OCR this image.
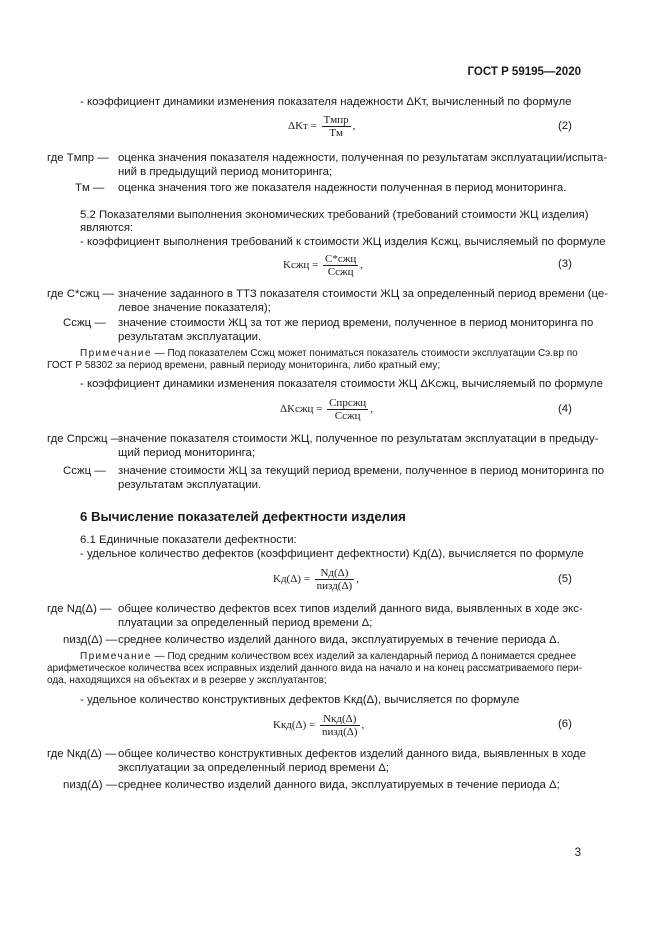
ГОСТ Р 59195—2020
- коэффициент динамики изменения показателя надежности ΔKт, вычисленный по формуле
$\Delta Kт = \frac{\text{Tмпр}}{Tм}$ ,	(2)
где Tмпр — оценка значения показателя надежности, полученная по результатам эксплуатации/испыта-
ний в предыдущий период мониторинга;
Tм — оценка значения того же показателя надежности полученная в период мониторинга.
5.2 Показателями выполнения экономических требований (требований стоимости ЖЦ изделия)
являются:
- коэффициент выполнения требований к стоимости ЖЦ изделия Kсжц, вычисляемый по формуле
Kсжц = $\frac{\text{C*сжц}}{\text{Cсжц}}$ ,	(3)
где C*сжц — значение заданного в ТТЗ показателя стоимости ЖЦ за определенный период времени (це-
левое значение показателя);
Cсжц — значение стоимости ЖЦ за тот же период времени, полученное в период мониторинга по
результатам эксплуатации.
Примечание — Под показателем Cсжц может пониматься показатель стоимости эксплуатации Cэ.вр по
ГОСТ Р 58302 за период времени, равный периоду мониторинга, либо кратный ему;
- коэффициент динамики изменения показателя стоимости ЖЦ ΔKсжц, вычисляемый по формуле
ΔKсжц = $\frac{\text{Cпрсжц}}{\text{Cсжц}}$ ,	(4)
где Cпрсжц —
значение показателя стоимости ЖЦ, полученное по результатам эксплуатации в предыду-
щий период мониторинга;
Cсжц — значение стоимости ЖЦ за текущий период времени, полученное в период мониторинга по
результатам эксплуатации.
6 Вычисление показателей дефектности изделия
6.1 Единичные показатели дефектности:
- удельное количество дефектов (коэффициент дефектности) Kд(Δ), вычисляется по формуле
$Kд(\Delta) = \frac{Nд(\Delta)}{\text{nизд(Δ)}}$ ,	(5)
где Nд(Δ) — общее количество дефектов всех типов изделий данного вида, выявленных в ходе экс-
плуатации за определенный период времени Δ;
nизд(Δ) — среднее количество изделий данного вида, эксплуатируемых в течение периода Δ.
Примечание — Под средним количеством всех изделий за календарный период Δ понимается среднее
арифметическое количества всех исправных изделий данного вида на начало и на конец рассматриваемого пери-
ода, находящихся на объектах и в резерве у эксплуатантов;
- удельное количество конструктивных дефектов Kкд(Δ), вычисляется по формуле
$Kкд(\Delta) = \frac{\text{Nкд(Δ)}}{\text{nизд(Δ)}}$ ,	(6)
где Nкд(Δ) — общее количество конструктивных дефектов изделий данного вида, выявленных в ходе
эксплуатации за определенный период времени Δ;
nизд(Δ) — среднее количество изделий данного вида, эксплуатируемых в течение периода Δ;
3
